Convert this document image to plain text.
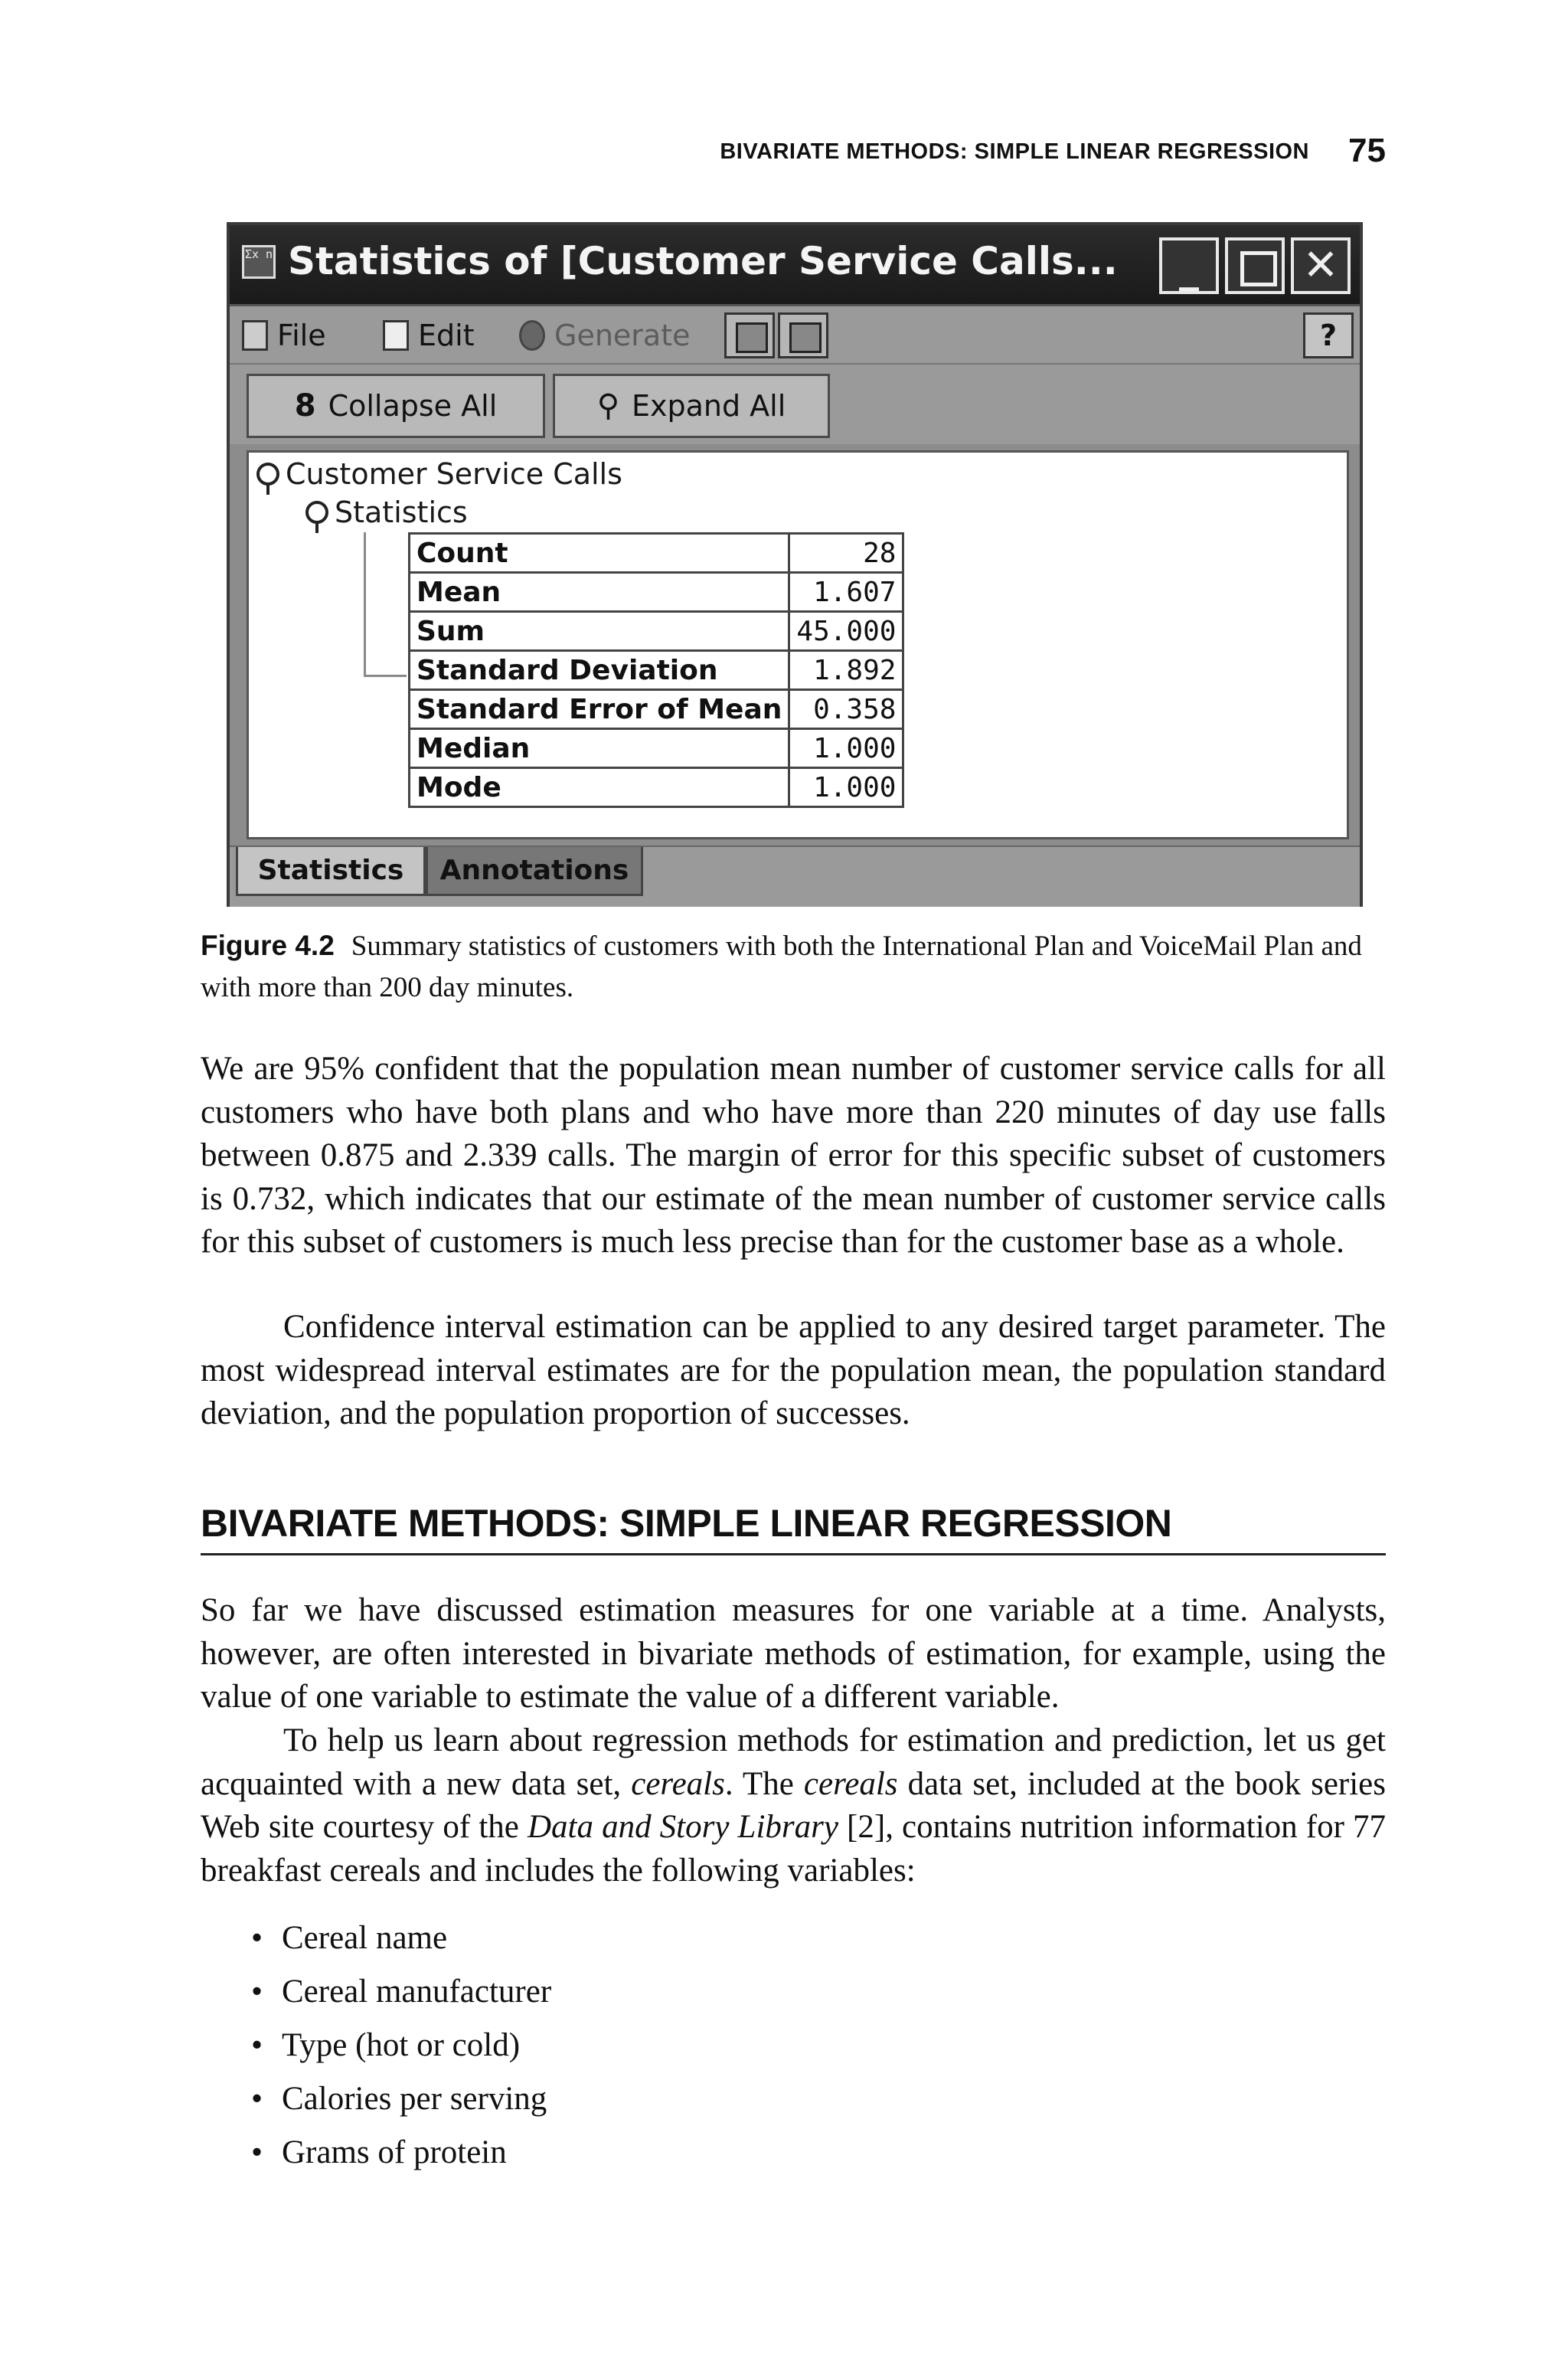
BIVARIATE METHODS: SIMPLE LINEAR REGRESSION 75
Σx n Statistics of [Customer Service Calls...	_	✕
File	Edit	Generate	?
8 Collapse All	⚲ Expand All
Customer Service Calls
Statistics
Count	28
Mean	1.607
Sum	45.000
Standard Deviation	1.892
Standard Error of Mean	0.358
Median	1.000
Mode	1.000
Statistics	Annotations

Figure 4.2 Summary statistics of customers with both the International Plan and VoiceMail Plan and with more than 200 day minutes.

We are 95% confident that the population mean number of customer service calls for all customers who have both plans and who have more than 220 minutes of day use falls between 0.875 and 2.339 calls. The margin of error for this specific subset of customers is 0.732, which indicates that our estimate of the mean number of customer service calls for this subset of customers is much less precise than for the customer base as a whole.

Confidence interval estimation can be applied to any desired target parameter. The most widespread interval estimates are for the population mean, the population standard deviation, and the population proportion of successes.

BIVARIATE METHODS: SIMPLE LINEAR REGRESSION

So far we have discussed estimation measures for one variable at a time. Analysts, however, are often interested in bivariate methods of estimation, for example, using the value of one variable to estimate the value of a different variable.

To help us learn about regression methods for estimation and prediction, let us get acquainted with a new data set, cereals. The cereals data set, included at the book series Web site courtesy of the Data and Story Library [2], contains nutrition information for 77 breakfast cereals and includes the following variables:

• Cereal name
• Cereal manufacturer
• Type (hot or cold)
• Calories per serving
• Grams of protein
